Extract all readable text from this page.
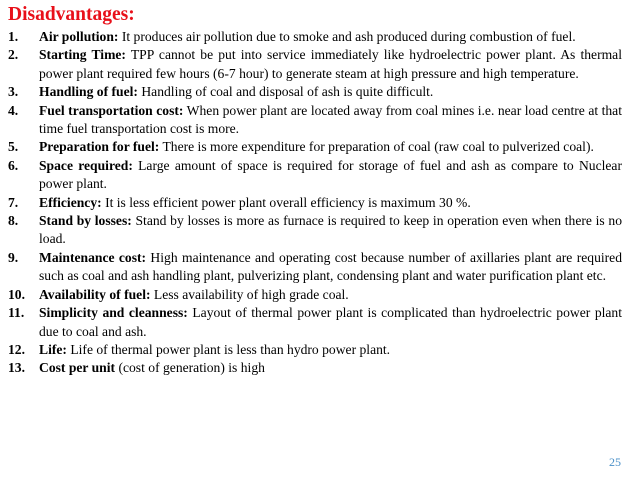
Disadvantages:
1.	Air pollution: It produces air pollution due to smoke and ash produced during combustion of fuel.
2.	Starting Time: TPP cannot be put into service immediately like hydroelectric power plant. As thermal power plant required few hours (6-7 hour) to generate steam at high pressure and high temperature.
3.	Handling of fuel: Handling of coal and disposal of ash is quite difficult.
4.	Fuel transportation cost: When power plant are located away from coal mines i.e. near load centre at that time fuel transportation cost is more.
5.	Preparation for fuel: There is more expenditure for preparation of coal (raw coal to pulverized coal).
6.	Space required: Large amount of space is required for storage of fuel and ash as compare to Nuclear power plant.
7.	Efficiency: It is less efficient power plant overall efficiency is maximum 30 %.
8.	Stand by losses: Stand by losses is more as furnace is required to keep in operation even when there is no load.
9.	Maintenance cost: High maintenance and operating cost because number of axillaries plant are required such as coal and ash handling plant, pulverizing plant, condensing plant and water purification plant etc.
10.	Availability of fuel: Less availability of high grade coal.
11.	Simplicity and cleanness: Layout of thermal power plant is complicated than hydroelectric power plant due to coal and ash.
12.	Life: Life of thermal power plant is less than hydro power plant.
13.	Cost per unit (cost of generation) is high
25
